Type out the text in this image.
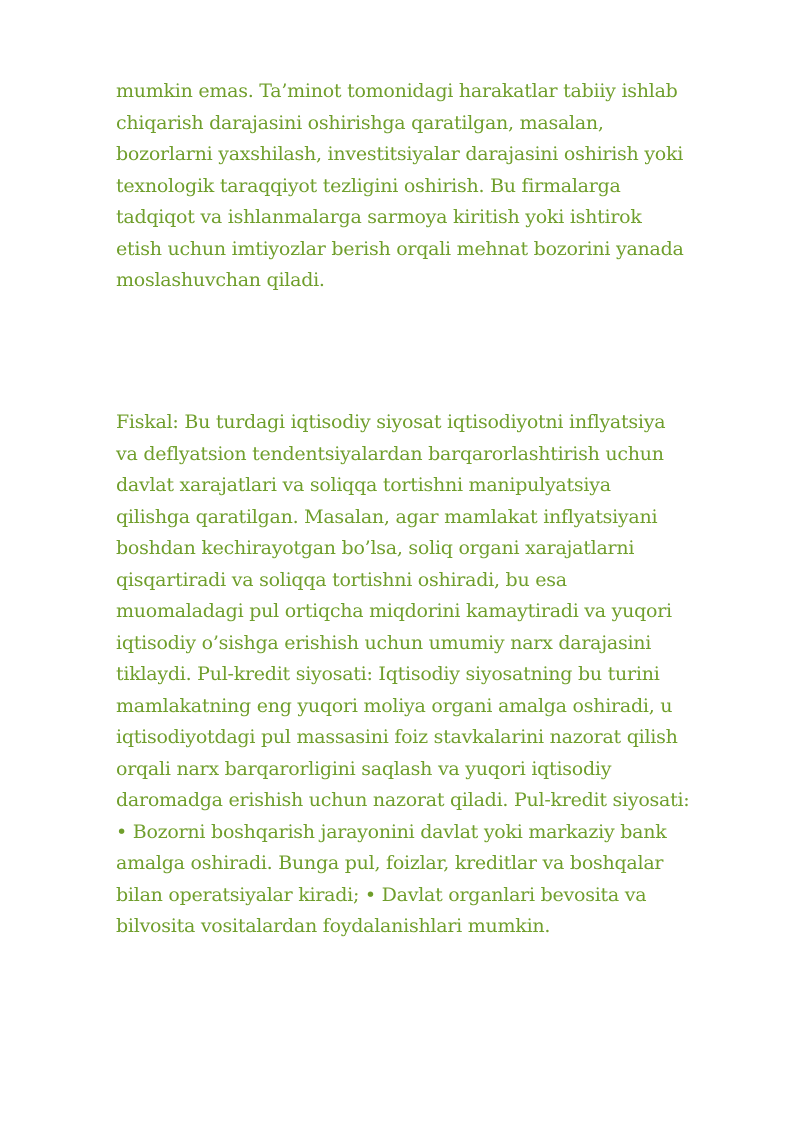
mumkin emas. Ta’minot tomonidagi harakatlar tabiiy ishlab
chiqarish darajasini oshirishga qaratilgan, masalan,
bozorlarni yaxshilash, investitsiyalar darajasini oshirish yoki
texnologik taraqqiyot tezligini oshirish. Bu firmalarga
tadqiqot va ishlanmalarga sarmoya kiritish yoki ishtirok
etish uchun imtiyozlar berish orqali mehnat bozorini yanada
moslashuvchan qiladi.

Fiskal: Bu turdagi iqtisodiy siyosat iqtisodiyotni inflyatsiya
va deflyatsion tendentsiyalardan barqarorlashtirish uchun
davlat xarajatlari va soliqqa tortishni manipulyatsiya
qilishga qaratilgan. Masalan, agar mamlakat inflyatsiyani
boshdan kechirayotgan bo’lsa, soliq organi xarajatlarni
qisqartiradi va soliqqa tortishni oshiradi, bu esa
muomaladagi pul ortiqcha miqdorini kamaytiradi va yuqori
iqtisodiy o’sishga erishish uchun umumiy narx darajasini
tiklaydi. Pul-kredit siyosati: Iqtisodiy siyosatning bu turini
mamlakatning eng yuqori moliya organi amalga oshiradi, u
iqtisodiyotdagi pul massasini foiz stavkalarini nazorat qilish
orqali narx barqarorligini saqlash va yuqori iqtisodiy
daromadga erishish uchun nazorat qiladi. Pul-kredit siyosati:
• Bozorni boshqarish jarayonini davlat yoki markaziy bank
amalga oshiradi. Bunga pul, foizlar, kreditlar va boshqalar
bilan operatsiyalar kiradi; • Davlat organlari bevosita va
bilvosita vositalardan foydalanishlari mumkin.
